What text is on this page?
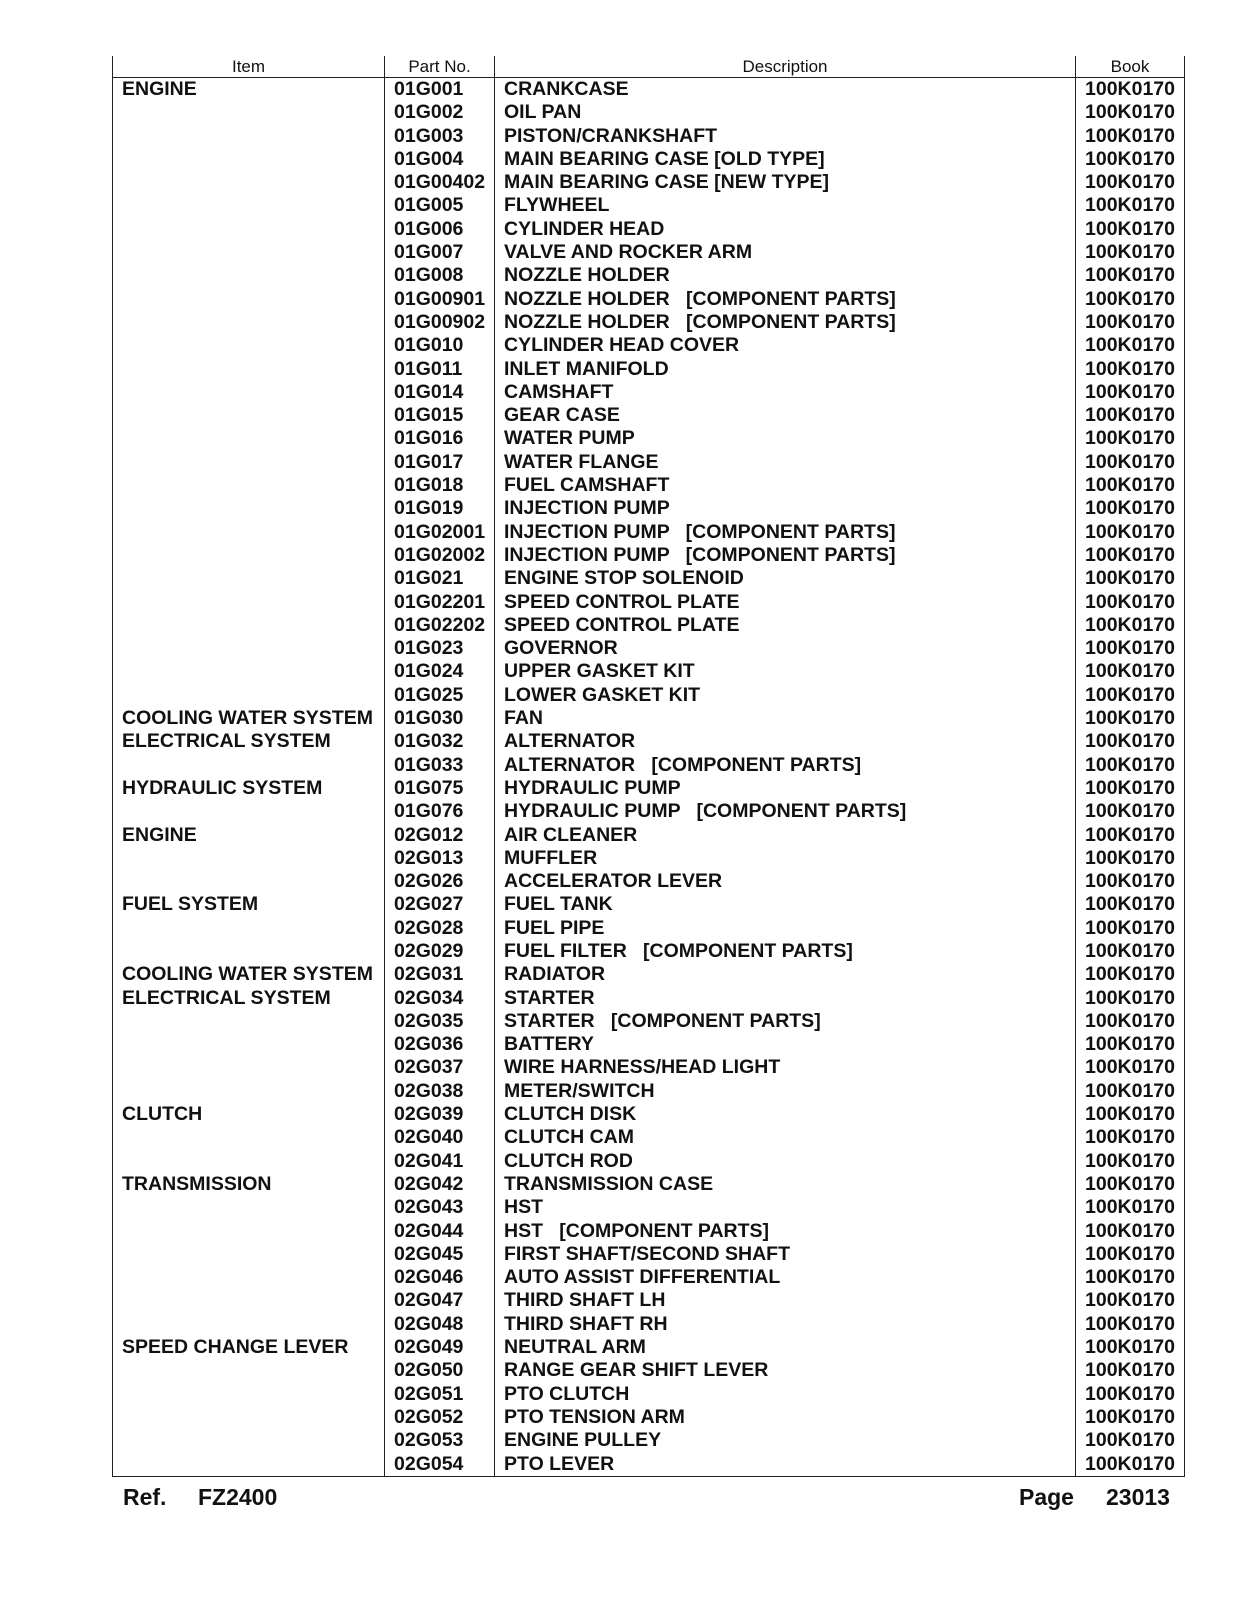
Item	Part No.	Description	Book
ENGINE	01G001	CRANKCASE	100K0170
	01G002	OIL PAN	100K0170
	01G003	PISTON/CRANKSHAFT	100K0170
	01G004	MAIN BEARING CASE [OLD TYPE]	100K0170
	01G00402	MAIN BEARING CASE [NEW TYPE]	100K0170
	01G005	FLYWHEEL	100K0170
	01G006	CYLINDER HEAD	100K0170
	01G007	VALVE AND ROCKER ARM	100K0170
	01G008	NOZZLE HOLDER	100K0170
	01G00901	NOZZLE HOLDER   [COMPONENT PARTS]	100K0170
	01G00902	NOZZLE HOLDER   [COMPONENT PARTS]	100K0170
	01G010	CYLINDER HEAD COVER	100K0170
	01G011	INLET MANIFOLD	100K0170
	01G014	CAMSHAFT	100K0170
	01G015	GEAR CASE	100K0170
	01G016	WATER PUMP	100K0170
	01G017	WATER FLANGE	100K0170
	01G018	FUEL CAMSHAFT	100K0170
	01G019	INJECTION PUMP	100K0170
	01G02001	INJECTION PUMP   [COMPONENT PARTS]	100K0170
	01G02002	INJECTION PUMP   [COMPONENT PARTS]	100K0170
	01G021	ENGINE STOP SOLENOID	100K0170
	01G02201	SPEED CONTROL PLATE	100K0170
	01G02202	SPEED CONTROL PLATE	100K0170
	01G023	GOVERNOR	100K0170
	01G024	UPPER GASKET KIT	100K0170
	01G025	LOWER GASKET KIT	100K0170
COOLING WATER SYSTEM	01G030	FAN	100K0170
ELECTRICAL SYSTEM	01G032	ALTERNATOR	100K0170
	01G033	ALTERNATOR   [COMPONENT PARTS]	100K0170
HYDRAULIC SYSTEM	01G075	HYDRAULIC PUMP	100K0170
	01G076	HYDRAULIC PUMP   [COMPONENT PARTS]	100K0170
ENGINE	02G012	AIR CLEANER	100K0170
	02G013	MUFFLER	100K0170
	02G026	ACCELERATOR LEVER	100K0170
FUEL SYSTEM	02G027	FUEL TANK	100K0170
	02G028	FUEL PIPE	100K0170
	02G029	FUEL FILTER   [COMPONENT PARTS]	100K0170
COOLING WATER SYSTEM	02G031	RADIATOR	100K0170
ELECTRICAL SYSTEM	02G034	STARTER	100K0170
	02G035	STARTER   [COMPONENT PARTS]	100K0170
	02G036	BATTERY	100K0170
	02G037	WIRE HARNESS/HEAD LIGHT	100K0170
	02G038	METER/SWITCH	100K0170
CLUTCH	02G039	CLUTCH DISK	100K0170
	02G040	CLUTCH CAM	100K0170
	02G041	CLUTCH ROD	100K0170
TRANSMISSION	02G042	TRANSMISSION CASE	100K0170
	02G043	HST	100K0170
	02G044	HST   [COMPONENT PARTS]	100K0170
	02G045	FIRST SHAFT/SECOND SHAFT	100K0170
	02G046	AUTO ASSIST DIFFERENTIAL	100K0170
	02G047	THIRD SHAFT LH	100K0170
	02G048	THIRD SHAFT RH	100K0170
SPEED CHANGE LEVER	02G049	NEUTRAL ARM	100K0170
	02G050	RANGE GEAR SHIFT LEVER	100K0170
	02G051	PTO CLUTCH	100K0170
	02G052	PTO TENSION ARM	100K0170
	02G053	ENGINE PULLEY	100K0170
	02G054	PTO LEVER	100K0170
Ref. FZ2400	Page 23013
